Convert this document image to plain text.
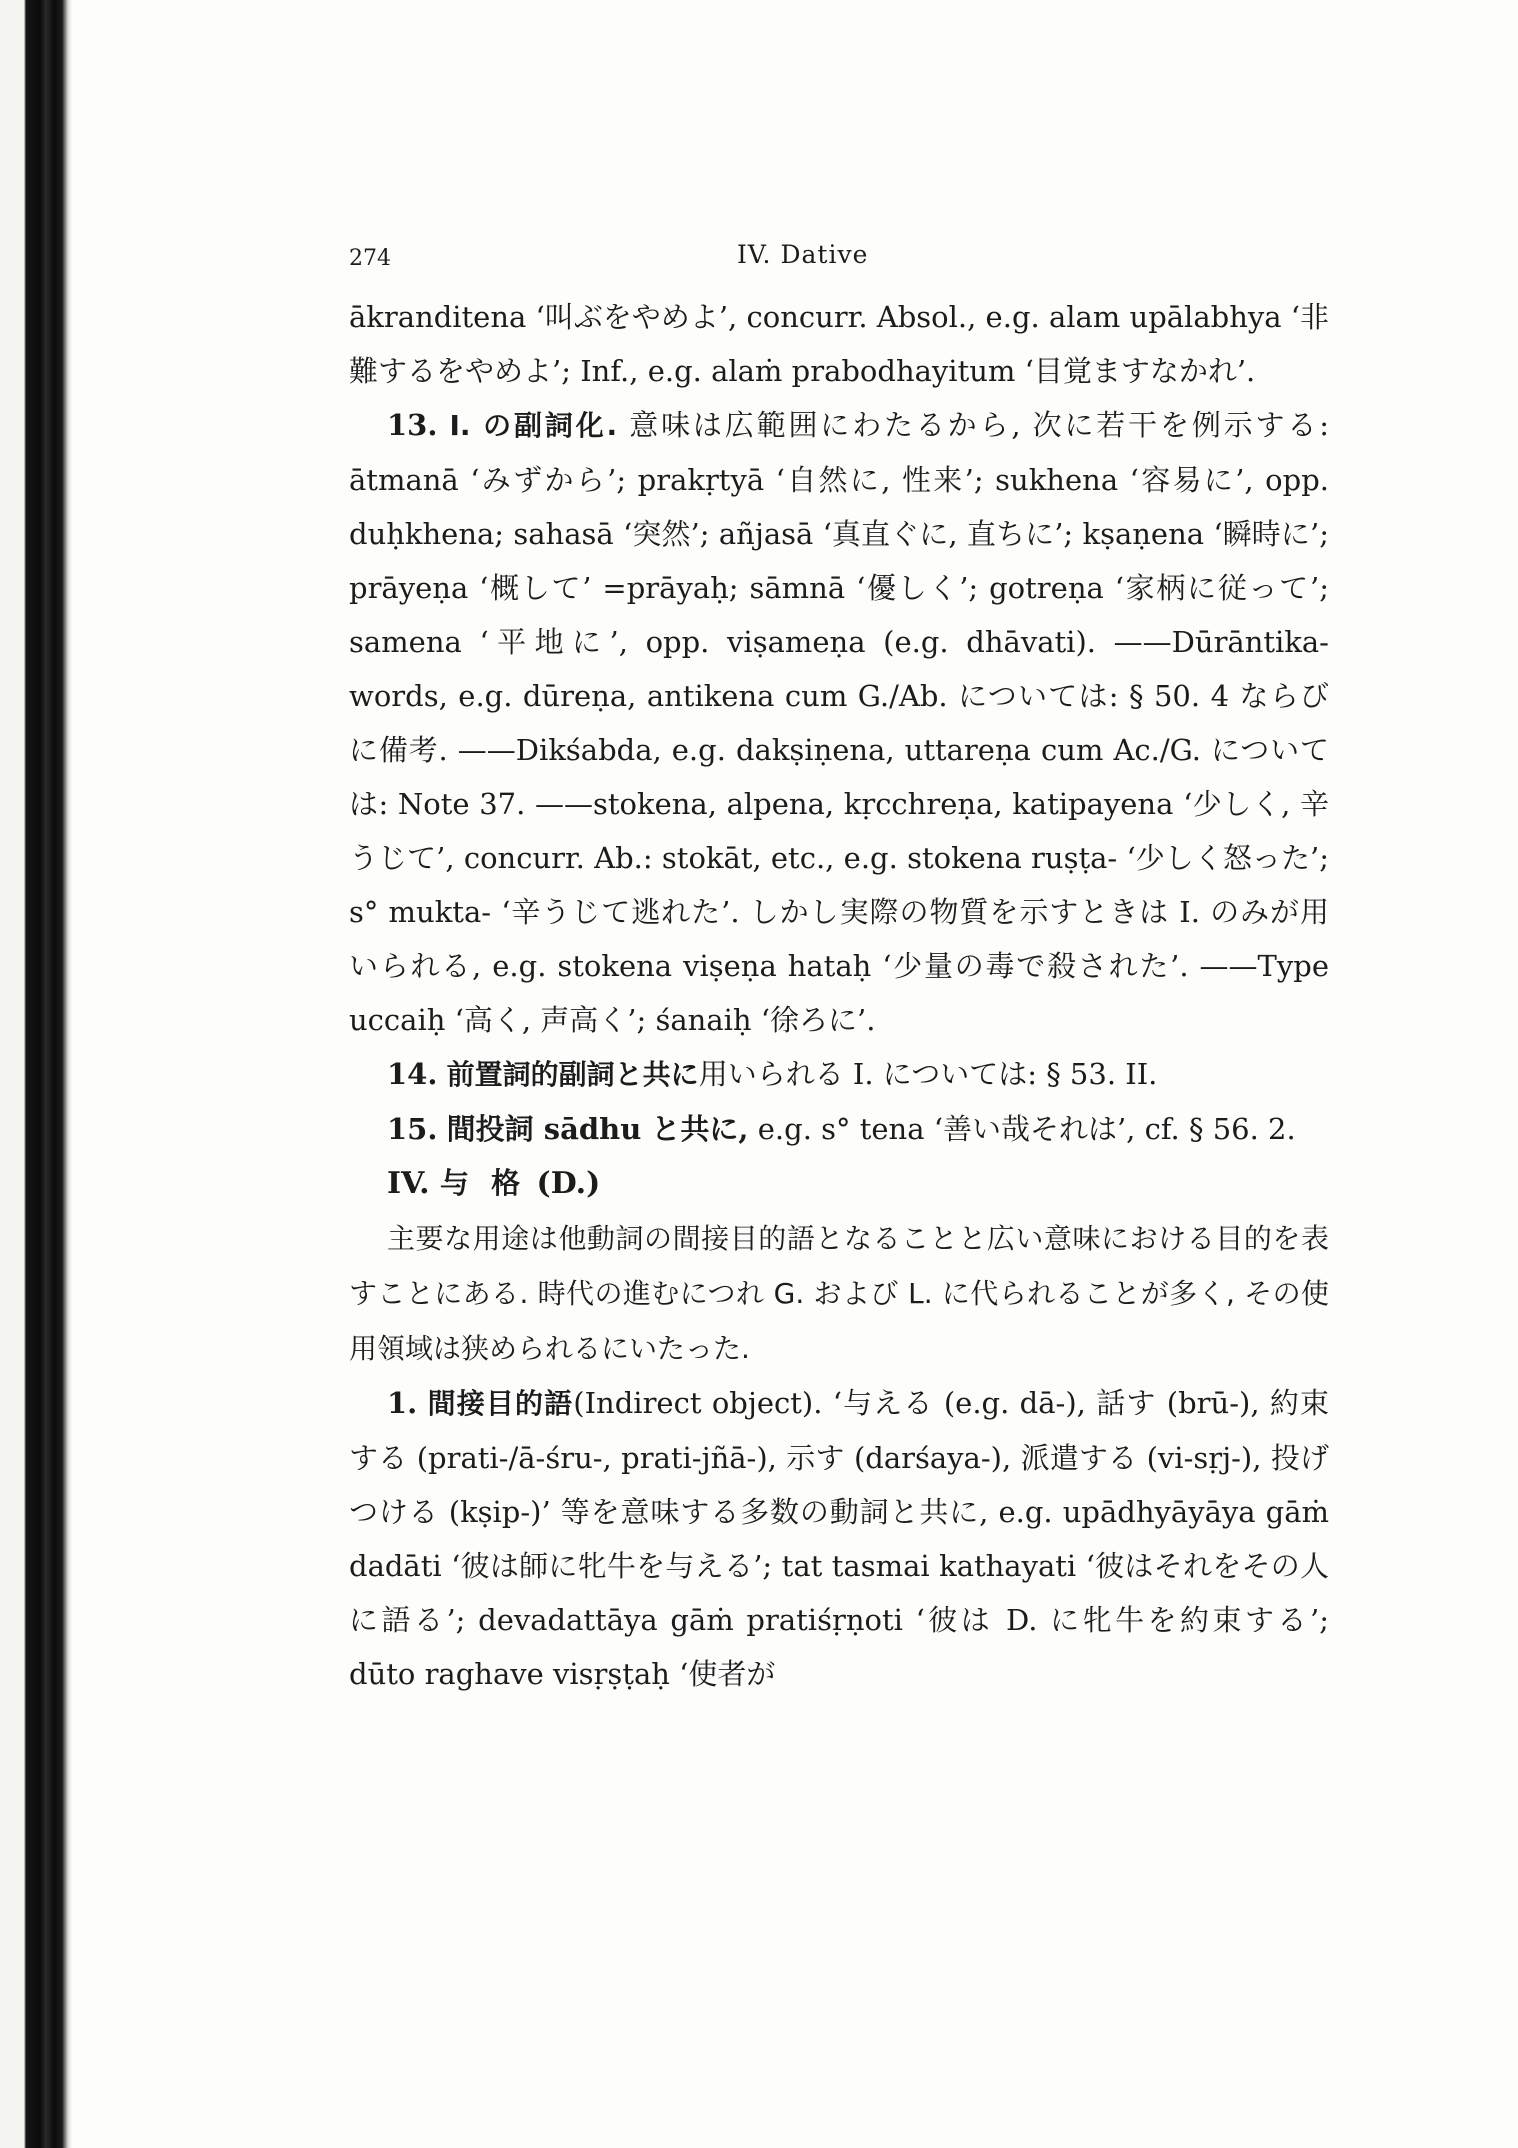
274	IV. Dative

ākranditena ‘叫ぶをやめよ’, concurr. Absol., e.g. alam upālabhya ‘非難するをやめよ’; Inf., e.g. alaṁ prabodhayitum ‘目覚ますなかれ’.

13. I. の副詞化. 意味は広範囲にわたるから, 次に若干を例示する: ātmanā ‘みずから’; prakṛtyā ‘自然に, 性来’; sukhena ‘容易に’, opp. duḥkhena; sahasā ‘突然’; añjasā ‘真直ぐに, 直ちに’; kṣaṇena ‘瞬時に’; prāyeṇa ‘概して’ =prāyaḥ; sāmnā ‘優しく’; gotreṇa ‘家柄に従って’; samena ‘平地に’, opp. viṣameṇa (e.g. dhāvati). ——Dūrāntika-words, e.g. dūreṇa, antikena cum G./Ab. については: § 50. 4 ならびに備考. ——Dikśabda, e.g. dakṣiṇena, uttareṇa cum Ac./G. については: Note 37. ——stokena, alpena, kṛcchreṇa, katipayena ‘少しく, 辛うじて’, concurr. Ab.: stokāt, etc., e.g. stokena ruṣṭa- ‘少しく怒った’; s° mukta- ‘辛うじて逃れた’. しかし実際の物質を示すときは I. のみが用いられる, e.g. stokena viṣeṇa hataḥ ‘少量の毒で殺された’. ——Type uccaiḥ ‘高く, 声高く’; śanaiḥ ‘徐ろに’.

14. 前置詞的副詞と共に用いられる I. については: § 53. II.

15. 間投詞 sādhu と共に, e.g. s° tena ‘善い哉それは’, cf. § 56. 2.

IV. 与 格 (D.)

主要な用途は他動詞の間接目的語となることと広い意味における目的を表すことにある. 時代の進むにつれ G. および L. に代られることが多く, その使用領域は狭められるにいたった.

1. 間接目的語(Indirect object). ‘与える (e.g. dā-), 話す (brū-), 約束する (prati-/ā-śru-, prati-jñā-), 示す (darśaya-), 派遣する (vi-sṛj-), 投げつける (kṣip-)’ 等を意味する多数の動詞と共に, e.g. upādhyāyāya gāṁ dadāti ‘彼は師に牝牛を与える’; tat tasmai kathayati ‘彼はそれをその人に語る’; devadattāya gāṁ pratiśṛṇoti ‘彼は D. に牝牛を約束する’; dūto raghave visṛṣṭaḥ ‘使者が
